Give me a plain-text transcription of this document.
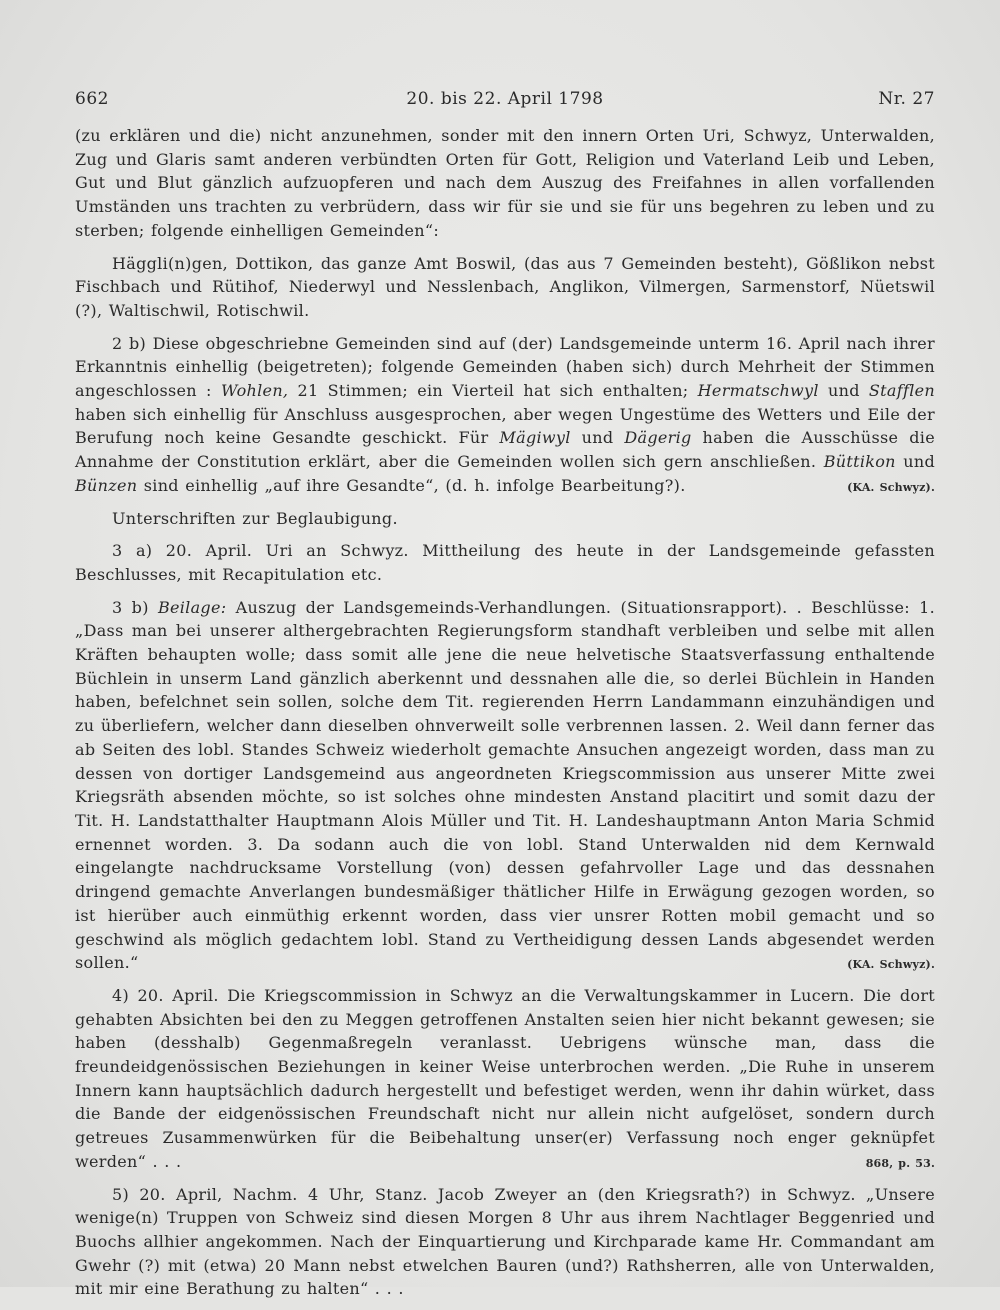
662	20. bis 22. April 1798	Nr. 27

(zu erklären und die) nicht anzunehmen, sonder mit den innern Orten Uri, Schwyz, Unterwalden, Zug und Glaris samt anderen verbündten Orten für Gott, Religion und Vaterland Leib und Leben, Gut und Blut gänzlich aufzuopferen und nach dem Auszug des Freifahnes in allen vorfallenden Umständen uns trachten zu verbrüdern, dass wir für sie und sie für uns begehren zu leben und zu sterben; folgende einhelligen Gemeinden“:

Häggli(n)gen, Dottikon, das ganze Amt Boswil, (das aus 7 Gemeinden besteht), Gößlikon nebst Fischbach und Rütihof, Niederwyl und Nesslenbach, Anglikon, Vilmergen, Sarmenstorf, Nüetswil (?), Waltischwil, Rotischwil.

2 b) Diese obgeschriebne Gemeinden sind auf (der) Landsgemeinde unterm 16. April nach ihrer Erkanntnis einhellig (beigetreten); folgende Gemeinden (haben sich) durch Mehrheit der Stimmen angeschlossen : Wohlen, 21 Stimmen; ein Vierteil hat sich enthalten; Hermatschwyl und Stafflen haben sich einhellig für Anschluss ausgesprochen, aber wegen Ungestüme des Wetters und Eile der Berufung noch keine Gesandte geschickt. Für Mägiwyl und Dägerig haben die Ausschüsse die Annahme der Constitution erklärt, aber die Gemeinden wollen sich gern anschließen. Büttikon und Bünzen sind einhellig „auf ihre Gesandte“, (d. h. infolge Bearbeitung?).	(KA. Schwyz).

Unterschriften zur Beglaubigung.

3 a) 20. April. Uri an Schwyz. Mittheilung des heute in der Landsgemeinde gefassten Beschlusses, mit Recapitulation etc.

3 b) Beilage: Auszug der Landsgemeinds-Verhandlungen. (Situationsrapport). . Beschlüsse: 1. „Dass man bei unserer althergebrachten Regierungsform standhaft verbleiben und selbe mit allen Kräften behaupten wolle; dass somit alle jene die neue helvetische Staatsverfassung enthaltende Büchlein in unserm Land gänzlich aberkennt und dessnahen alle die, so derlei Büchlein in Handen haben, befelchnet sein sollen, solche dem Tit. regierenden Herrn Landammann einzuhändigen und zu überliefern, welcher dann dieselben ohnverweilt solle verbrennen lassen. 2. Weil dann ferner das ab Seiten des lobl. Standes Schweiz wiederholt gemachte Ansuchen angezeigt worden, dass man zu dessen von dortiger Landsgemeind aus angeordneten Kriegscommission aus unserer Mitte zwei Kriegsräth absenden möchte, so ist solches ohne mindesten Anstand placitirt und somit dazu der Tit. H. Landstatthalter Hauptmann Alois Müller und Tit. H. Landeshauptmann Anton Maria Schmid ernennet worden. 3. Da sodann auch die von lobl. Stand Unterwalden nid dem Kernwald eingelangte nachdrucksame Vorstellung (von) dessen gefahrvoller Lage und das dessnahen dringend gemachte Anverlangen bundesmäßiger thätlicher Hilfe in Erwägung gezogen worden, so ist hierüber auch einmüthig erkennt worden, dass vier unsrer Rotten mobil gemacht und so geschwind als möglich gedachtem lobl. Stand zu Vertheidigung dessen Lands abgesendet werden sollen.“	(KA. Schwyz).

4) 20. April. Die Kriegscommission in Schwyz an die Verwaltungskammer in Lucern. Die dort gehabten Absichten bei den zu Meggen getroffenen Anstalten seien hier nicht bekannt gewesen; sie haben (desshalb) Gegenmaßregeln veranlasst. Uebrigens wünsche man, dass die freundeidgenössischen Beziehungen in keiner Weise unterbrochen werden. „Die Ruhe in unserem Innern kann hauptsächlich dadurch hergestellt und befestiget werden, wenn ihr dahin würket, dass die Bande der eidgenössischen Freundschaft nicht nur allein nicht aufgelöset, sondern durch getreues Zusammenwürken für die Beibehaltung unser(er) Verfassung noch enger geknüpfet werden“ . . .	868, p. 53.

5) 20. April, Nachm. 4 Uhr, Stanz. Jacob Zweyer an (den Kriegsrath?) in Schwyz. „Unsere wenige(n) Truppen von Schweiz sind diesen Morgen 8 Uhr aus ihrem Nachtlager Beggenried und Buochs allhier angekommen. Nach der Einquartierung und Kirchparade kame Hr. Commandant am Gwehr (?) mit (etwa) 20 Mann nebst etwelchen Bauren (und?) Rathsherren, alle von Unterwalden, mit mir eine Berathung zu halten“ . . .
